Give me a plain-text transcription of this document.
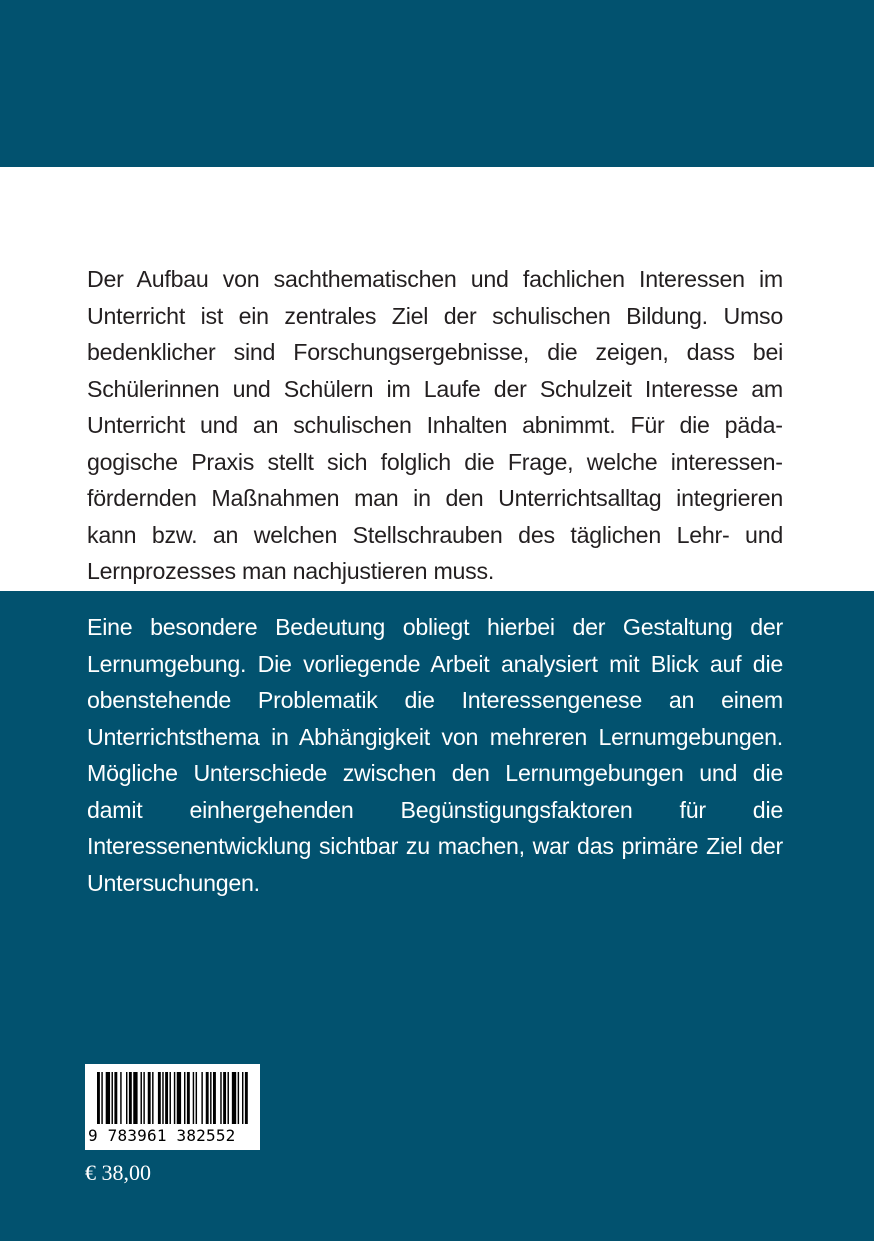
Der Aufbau von sachthematischen und fachlichen Interessen im Unterricht ist ein zentrales Ziel der schulischen Bildung. Umso bedenklicher sind Forschungsergebnisse, die zeigen, dass bei Schülerinnen und Schülern im Laufe der Schulzeit Interesse am Unterricht und an schulischen Inhalten abnimmt. Für die pädagogische Praxis stellt sich folglich die Frage, welche interessenfördernden Maßnahmen man in den Unterrichtsalltag integrieren kann bzw. an welchen Stellschrauben des täglichen Lehr- und Lernprozesses man nachjustieren muss.

Eine besondere Bedeutung obliegt hierbei der Gestaltung der Lernumgebung. Die vorliegende Arbeit analysiert mit Blick auf die obenstehende Problematik die Interessengenese an einem Unterrichtsthema in Abhängigkeit von mehreren Lernumgebungen. Mögliche Unterschiede zwischen den Lernumgebungen und die damit einhergehenden Begünstigungsfaktoren für die Interessenentwicklung sichtbar zu machen, war das primäre Ziel der Untersuchungen.

9 783961 382552
€ 38,00
